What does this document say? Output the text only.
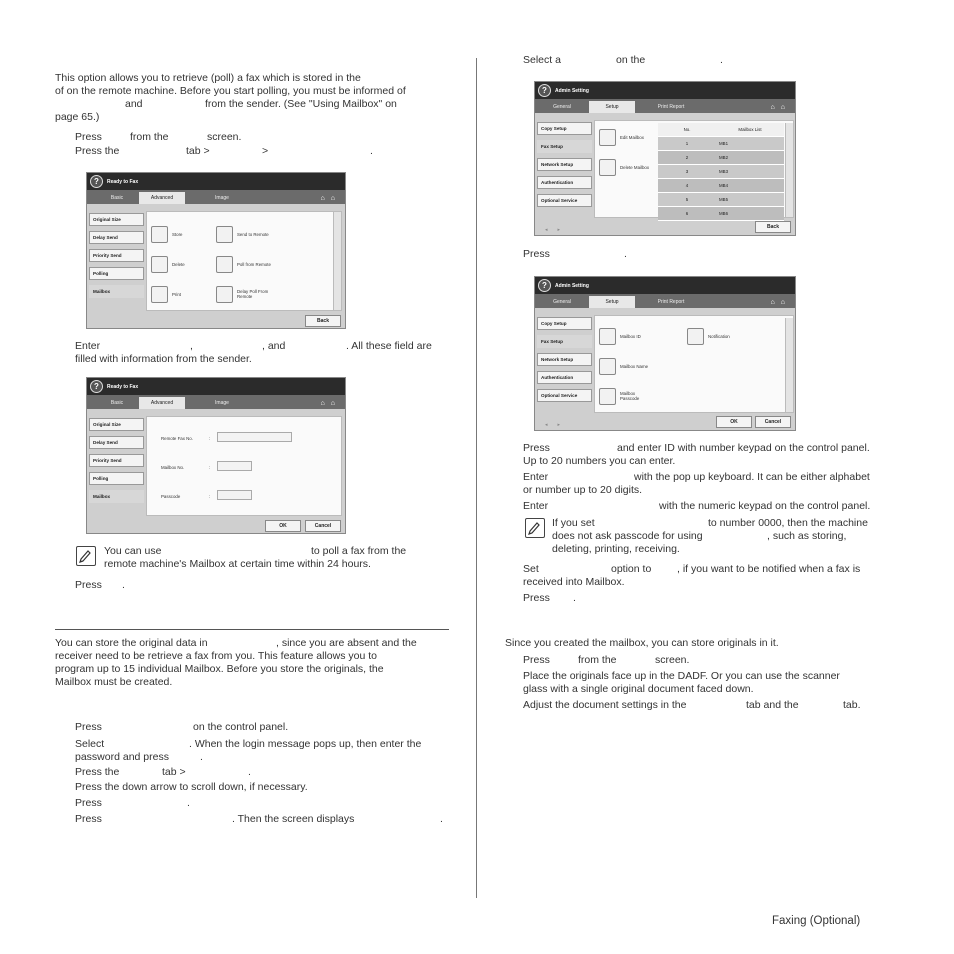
This option allows you to retrieve (poll) a fax which is stored in the
of on the remote machine. Before you start polling, you must be informed of
and	from the sender. (See "Using Mailbox" on
page 65.)
Press	from the	screen.
Press the	tab >	>	.
?	Ready to Fax
Basic	Advanced	Image	⌂⌂
Original Size
Delay Send
Priority Send
Polling
Mailbox
Store	Send to Remote
Delete	Poll from Remote
Print
Delay Poll From Remote
Back
Enter	,	, and	. All these field are
filled with information from the sender.
?	Ready to Fax
Basic	Advanced	Image	⌂⌂
Original Size
Delay Send
Priority Send
Polling
Mailbox
Remote Fax No.	:
Mailbox No.	:
Passcode	:
OK	Cancel
You can use	to poll a fax from the
remote machine's Mailbox at certain time within 24 hours.
Press .
You can store the original data in	, since you are absent and the
receiver need to be retrieve a fax from you. This feature allows you to
program up to 15 individual Mailbox. Before you store the originals, the
Mailbox must be created.
Press	on the control panel.
Select	. When the login message pops up, then enter the
password and press	.
Press the	tab >	.
Press the down arrow to scroll down, if necessary.
Press	.
Press	. Then the screen displays	.
Select a	on the	.
?	Admin Setting
General	Setup	Print Report	⌂⌂
Copy Setup
Fax Setup
Network Setup
Authentication
Optional Service
Edit Mailbox
Delete Mailbox
No.	Mailbox List
1	MB1
2	MB2
3	MB3
4	MB4
5	MB5
6	MB6
◂▸	Back
Press	.
?	Admin Setting
General	Setup	Print Report	⌂⌂
Copy Setup
Fax Setup
Network Setup
Authentication
Optional Service
Mailbox ID	Notification
Mailbox Name
Mailbox Passcode
◂▸	OK	Cancel
Press	and enter ID with number keypad on the control panel.
Up to 20 numbers you can enter.
Enter	with the pop up keyboard. It can be either alphabet
or number up to 20 digits.
Enter	with the numeric keypad on the control panel.
If you set	to number 0000, then the machine
does not ask passcode for using	, such as storing,
deleting, printing, receiving.
Set	option to , if you want to be notified when a fax is
received into Mailbox.
Press .
Since you created the mailbox, you can store originals in it.
Press	from the	screen.
Place the originals face up in the DADF. Or you can use the scanner
glass with a single original document faced down.
Adjust the document settings in the	tab and the	tab.
Faxing (Optional)
